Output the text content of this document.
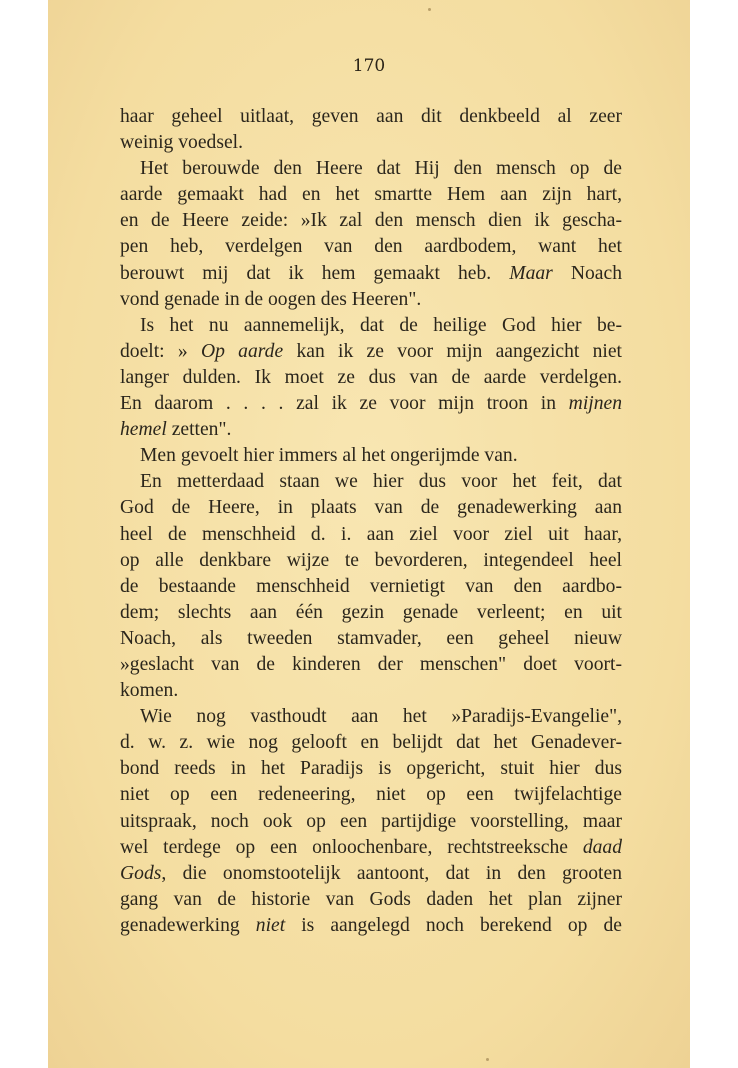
170
haar geheel uitlaat, geven aan dit denkbeeld al zeer
weinig voedsel.
Het berouwde den Heere dat Hij den mensch op de
aarde gemaakt had en het smartte Hem aan zijn hart,
en de Heere zeide: »Ik zal den mensch dien ik geschа-
pen heb, verdelgen van den aardbodem, want het
berouwt mij dat ik hem gemaakt heb. Maar Noach
vond genade in de oogen des Heeren".
Is het nu aannemelijk, dat de heilige God hier be-
doelt: » Op aarde kan ik ze voor mijn aangezicht niet
langer dulden. Ik moet ze dus van de aarde verdelgen.
En daarom . . . . zal ik ze voor mijn troon in mijnen
hemel zetten".
Men gevoelt hier immers al het ongerijmde van.
En metterdaad staan we hier dus voor het feit, dat
God de Heere, in plaats van de genadewerking aan
heel de menschheid d. i. aan ziel voor ziel uit haar,
op alle denkbare wijze te bevorderen, integendeel heel
de bestaande menschheid vernietigt van den aardbo-
dem; slechts aan één gezin genade verleent; en uit
Noach, als tweeden stamvader, een geheel nieuw
»geslacht van de kinderen der menschen" doet voort-
komen.
Wie nog vasthoudt aan het »Paradijs-Evangelie",
d. w. z. wie nog gelooft en belijdt dat het Genadever-
bond reeds in het Paradijs is opgericht, stuit hier dus
niet op een redeneering, niet op een twijfelachtige
uitspraak, noch ook op een partijdige voorstelling, maar
wel terdege op een onloochenbare, rechtstreeksche daad
Gods, die onomstootelijk aantoont, dat in den grooten
gang van de historie van Gods daden het plan zijner
genadewerking niet is aangelegd noch berekend op de
